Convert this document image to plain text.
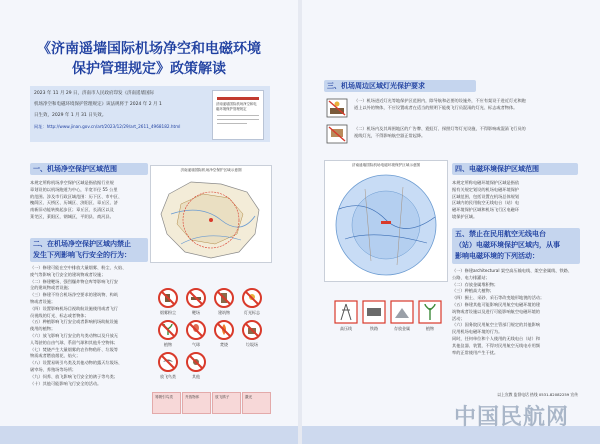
《济南遥墙国际机场净空和电磁环境
保护管理规定》政策解读
2023 年 11 月 29 日，济南市人民政府印发《济南遥墙国际
机场净空和电磁环境保护管理规定》该法规将于 2024 年 2 月 1
日生效，2029 年 1 月 31 日失效。
网址：http://www.jinan.gov.cn/art/2023/12/29/art_2611_4968182.html
济南遥墙国际机场净空和电磁环境保护管理规定
一、机场净空保护区域范围
本规定所称机场净空保护区域是指依据行业规
章划设的以机场跑道为中心，半宽半径 55 公里
的范围。涉及市行政区域范围：历下区、市中区、
槐荫区、天桥区、历城区、济阳区、章丘区、济
南新旧动能转换起步区；章丘区、长清区以及
莱芜区，莱阳区，钢城区，平阴县、商河县。
济南遥墙国际机场净空保护区域示意图
二、在机场净空保护区域内禁止
发生下列影响飞行安全的行为：
（一）修建可能在空中排放大量烟雾、粉尘、火焰、
废气等影响飞行安全的建筑物或者设施；
（二）修建靶场、强烈爆炸物仓库等影响飞行安
全的建筑物或者设施；
（三）修建不符合机场净空要求的建筑物、构筑
物或者设施；
（四）设置影响机场目视助航设施使用或者飞行
员视线的灯光、标志或者物体；
（五）种植影响飞行安全或者影响机场助航设施
使用的植物；
（六）放飞影响飞行安全的鸟类动物以及升放无
人驾驶的自由气球、系留气球和其他升空物体；
（七）焚烧产生大量烟雾的农作物秸秆、垃圾等
物质或者燃放烟花、焰火；
（八）设置易吸引鸟类及其他动物的露天垃圾场、
屠宰场、养殖场等场所；
（九）饲养、放飞影响飞行安全的鸽子等鸟类；
（十）其他可能影响飞行安全的活动。
烟雾粉尘	靶场	建筑物	灯光标志
植物	气球	焚烧	垃圾场
放飞鸟类	其他
易吸引鸟类	升放物体	放飞鸽子	激光
三、机场周边区域灯光保护要求
（一）机场进近灯光等地保护区范围内，除导航和必要的设施外，不应有架设于进近灯光和跑
道上以外的物体，不应设置或者在适当的照明下能使飞行员混淆的灯光、标志或者物体。
（二）机场内及其周围地区的广告牌、霓虹灯、探照灯等灯光设施，不得影响或混淆飞行员的
视线灯光，不得影响航空器正常起降。
四、电磁环境保护区域范围
本规定所称电磁环境保护区域是指依
据有关规定划设的机场电磁环境保护
区域范围，包括设置在机场总体规划
区域内的民用航空无线电台（站）电
磁环境保护区域和机场飞行区电磁环
境保护区域。
济南遥墙国际机场电磁环境保护区域示意图
五、禁止在民用航空无线电台
（站）电磁环境保护区域内，从事
影响电磁环境的下列活动：
（一）修建architectural 架空高压输电线、架空金属线、铁路、
公路、电力排灌站；
（二）存放金属堆积物；
（三）种植高大植物；
（四）掘土、采砂、采石等改变地形地貌的活动；
（五）修建其他可能影响民用航空电磁环境的建
筑物或者设施以及进行可能影响航空电磁环境的
活动；
（六）国务院民用航空主管部门规定的其他影响
民用机场电磁环境的行为。
同时，任何单位和个人使用的无线电台（站）和
其他仪器、装置，不得对民用航空无线电专用频
率的正常使用产生干扰。
高压线	铁路	存放金属	植物
以上宣教 监督电话 热线 0531-82082259 宣传
中国民航网
